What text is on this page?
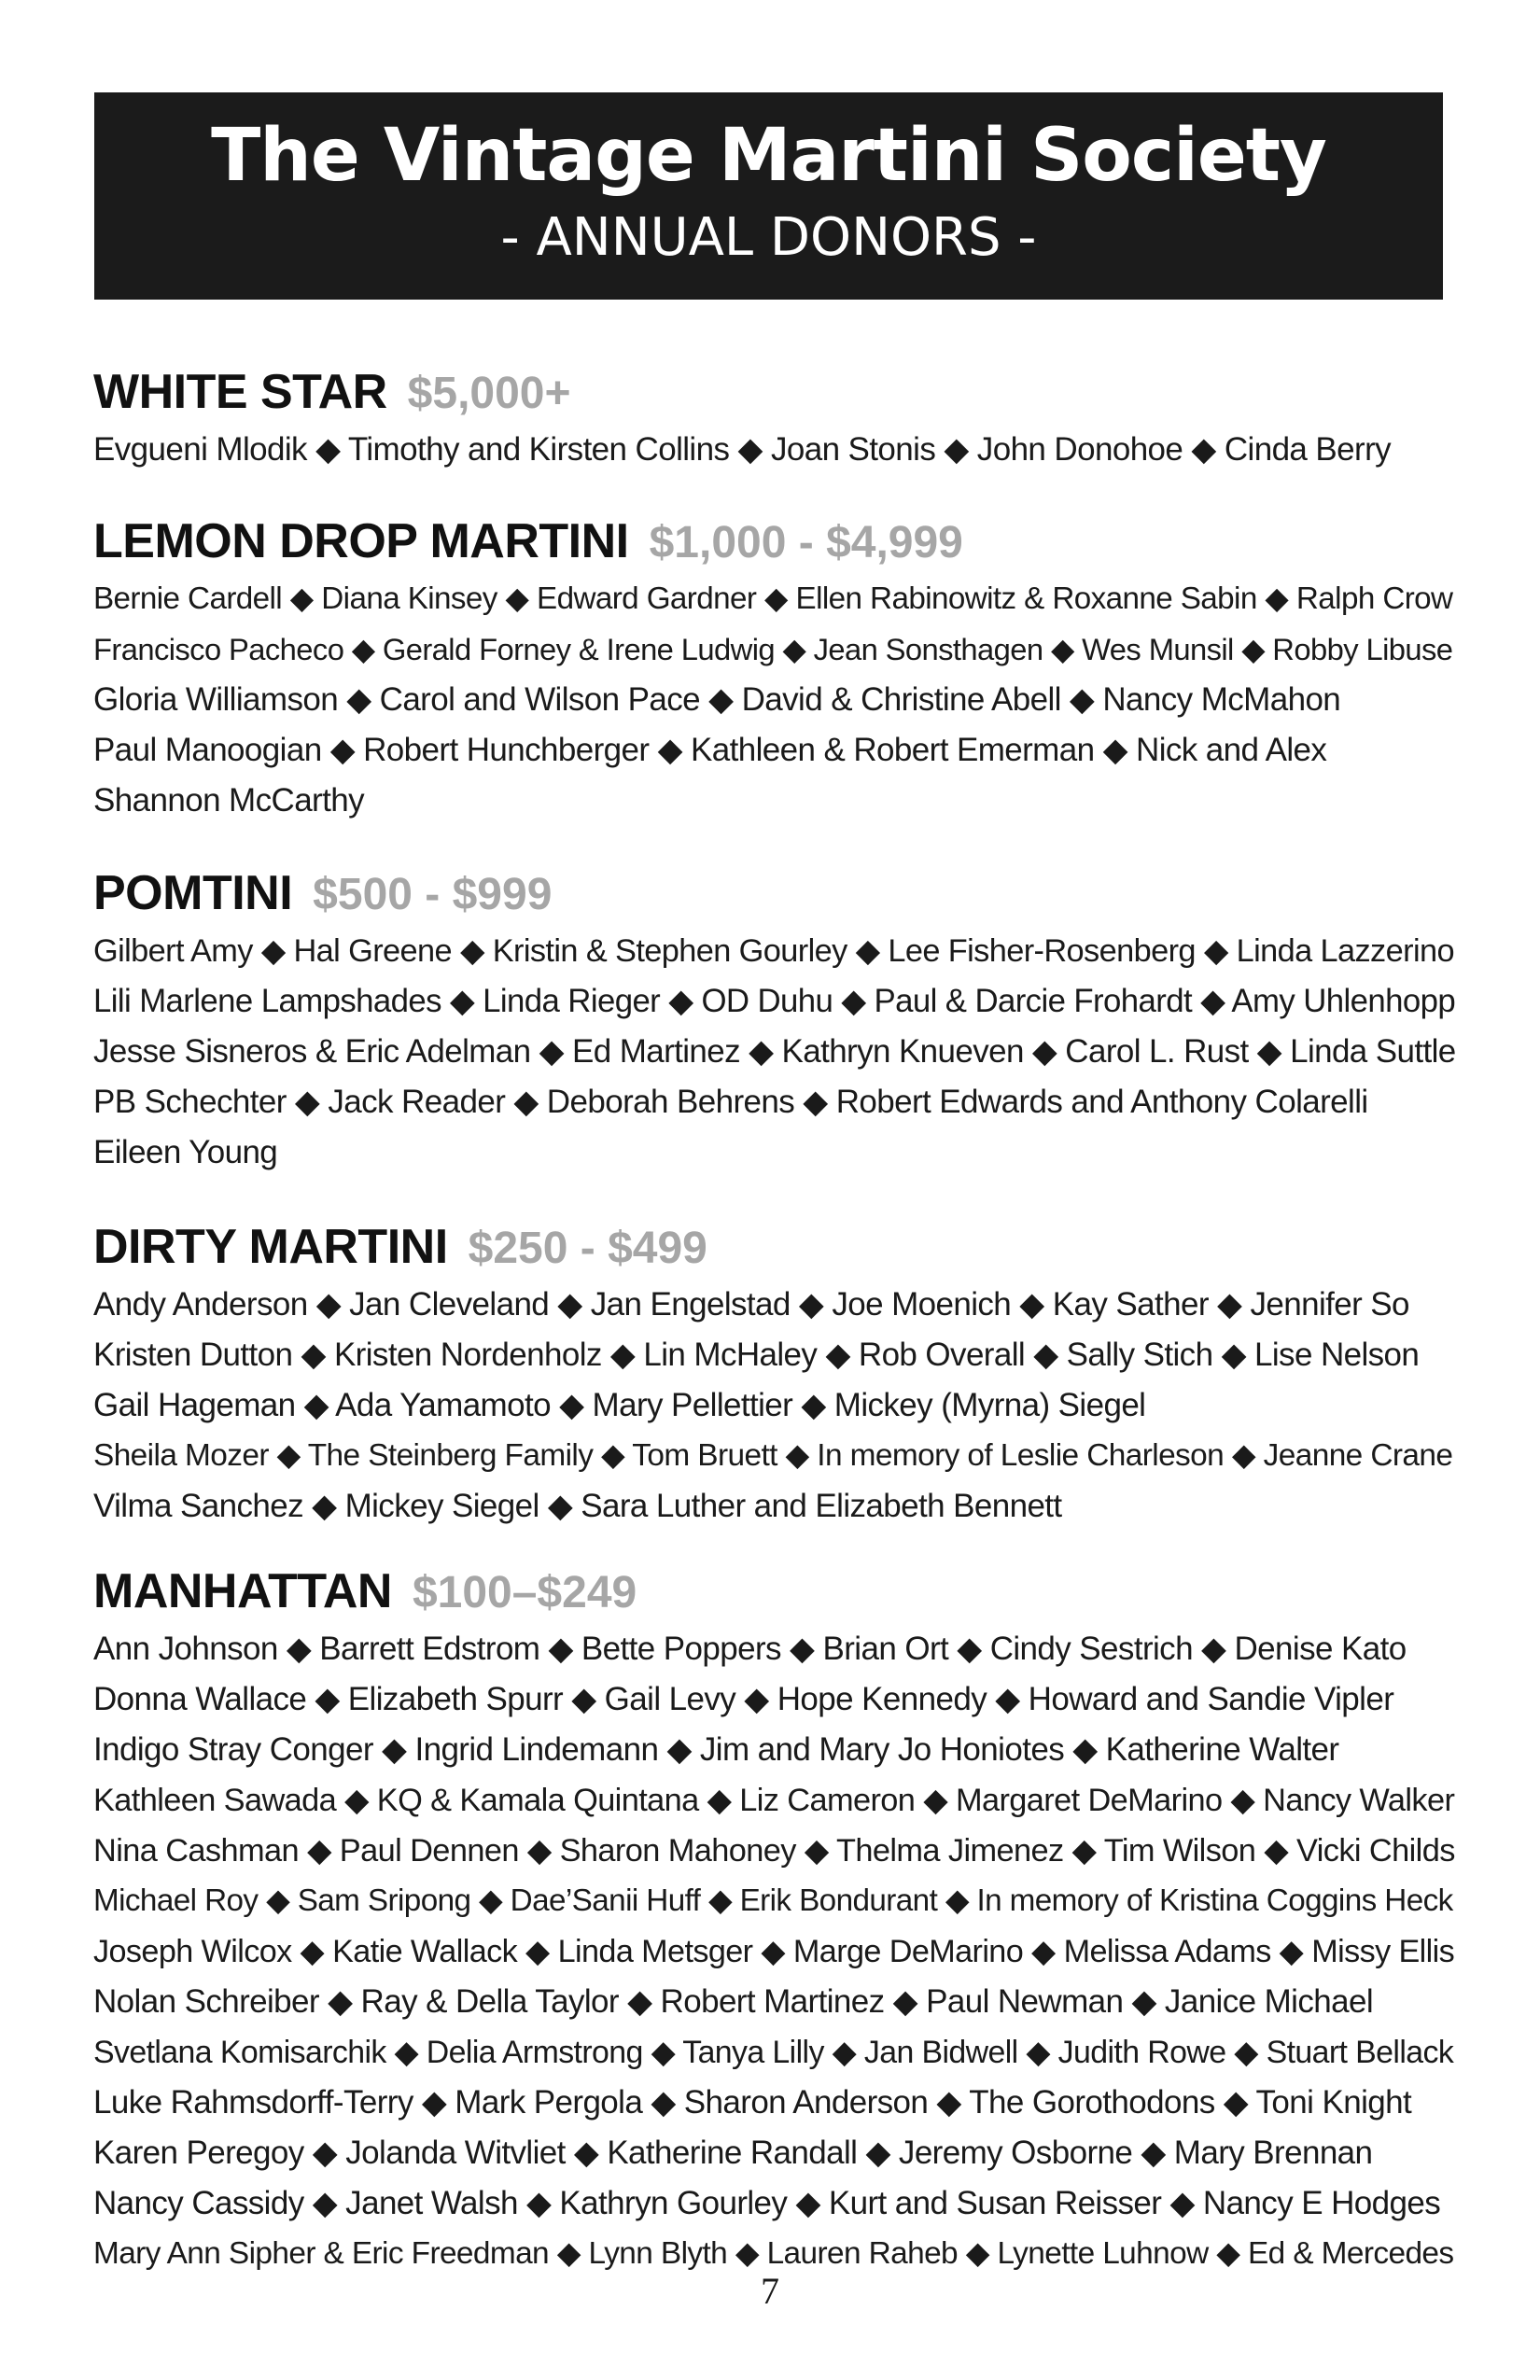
The Vintage Martini Society
- ANNUAL DONORS -
WHITE STAR $5,000+
Evgueni Mlodik ◆ Timothy and Kirsten Collins ◆ Joan Stonis ◆ John Donohoe ◆ Cinda Berry
LEMON DROP MARTINI $1,000 - $4,999
Bernie Cardell ◆ Diana Kinsey ◆ Edward Gardner ◆ Ellen Rabinowitz & Roxanne Sabin ◆ Ralph Crow
Francisco Pacheco ◆ Gerald Forney & Irene Ludwig ◆ Jean Sonsthagen ◆ Wes Munsil ◆ Robby Libuse
Gloria Williamson ◆ Carol and Wilson Pace ◆ David & Christine Abell ◆ Nancy McMahon
Paul Manoogian ◆ Robert Hunchberger ◆ Kathleen & Robert Emerman ◆ Nick and Alex
Shannon McCarthy
POMTINI $500 - $999
Gilbert Amy ◆ Hal Greene ◆ Kristin & Stephen Gourley ◆ Lee Fisher-Rosenberg ◆ Linda Lazzerino
Lili Marlene Lampshades ◆ Linda Rieger ◆ OD Duhu ◆ Paul & Darcie Frohardt ◆ Amy Uhlenhopp
Jesse Sisneros & Eric Adelman ◆ Ed Martinez ◆ Kathryn Knueven ◆ Carol L. Rust ◆ Linda Suttle
PB Schechter ◆ Jack Reader ◆ Deborah Behrens ◆ Robert Edwards and Anthony Colarelli
Eileen Young
DIRTY MARTINI $250 - $499
Andy Anderson ◆ Jan Cleveland ◆ Jan Engelstad ◆ Joe Moenich ◆ Kay Sather ◆ Jennifer So
Kristen Dutton ◆ Kristen Nordenholz ◆ Lin McHaley ◆ Rob Overall ◆ Sally Stich ◆ Lise Nelson
Gail Hageman ◆ Ada Yamamoto ◆ Mary Pellettier ◆ Mickey (Myrna) Siegel
Sheila Mozer ◆ The Steinberg Family ◆ Tom Bruett ◆ In memory of Leslie Charleson ◆ Jeanne Crane
Vilma Sanchez ◆ Mickey Siegel ◆ Sara Luther and Elizabeth Bennett
MANHATTAN $100–$249
Ann Johnson ◆ Barrett Edstrom ◆ Bette Poppers ◆ Brian Ort ◆ Cindy Sestrich ◆ Denise Kato
Donna Wallace ◆ Elizabeth Spurr ◆ Gail Levy ◆ Hope Kennedy ◆ Howard and Sandie Vipler
Indigo Stray Conger ◆ Ingrid Lindemann ◆ Jim and Mary Jo Honiotes ◆ Katherine Walter
Kathleen Sawada ◆ KQ & Kamala Quintana ◆ Liz Cameron ◆ Margaret DeMarino ◆ Nancy Walker
Nina Cashman ◆ Paul Dennen ◆ Sharon Mahoney ◆ Thelma Jimenez ◆ Tim Wilson ◆ Vicki Childs
Michael Roy ◆ Sam Sripong ◆ Dae’Sanii Huff ◆ Erik Bondurant ◆ In memory of Kristina Coggins Heck
Joseph Wilcox ◆ Katie Wallack ◆ Linda Metsger ◆ Marge DeMarino ◆ Melissa Adams ◆ Missy Ellis
Nolan Schreiber ◆ Ray & Della Taylor ◆ Robert Martinez ◆ Paul Newman ◆ Janice Michael
Svetlana Komisarchik ◆ Delia Armstrong ◆ Tanya Lilly ◆ Jan Bidwell ◆ Judith Rowe ◆ Stuart Bellack
Luke Rahmsdorff-Terry ◆ Mark Pergola ◆ Sharon Anderson ◆ The Gorothodons ◆ Toni Knight
Karen Peregoy ◆ Jolanda Witvliet ◆ Katherine Randall ◆ Jeremy Osborne ◆ Mary Brennan
Nancy Cassidy ◆ Janet Walsh ◆ Kathryn Gourley ◆ Kurt and Susan Reisser ◆ Nancy E Hodges
Mary Ann Sipher & Eric Freedman ◆ Lynn Blyth ◆ Lauren Raheb ◆ Lynette Luhnow ◆ Ed & Mercedes
7
